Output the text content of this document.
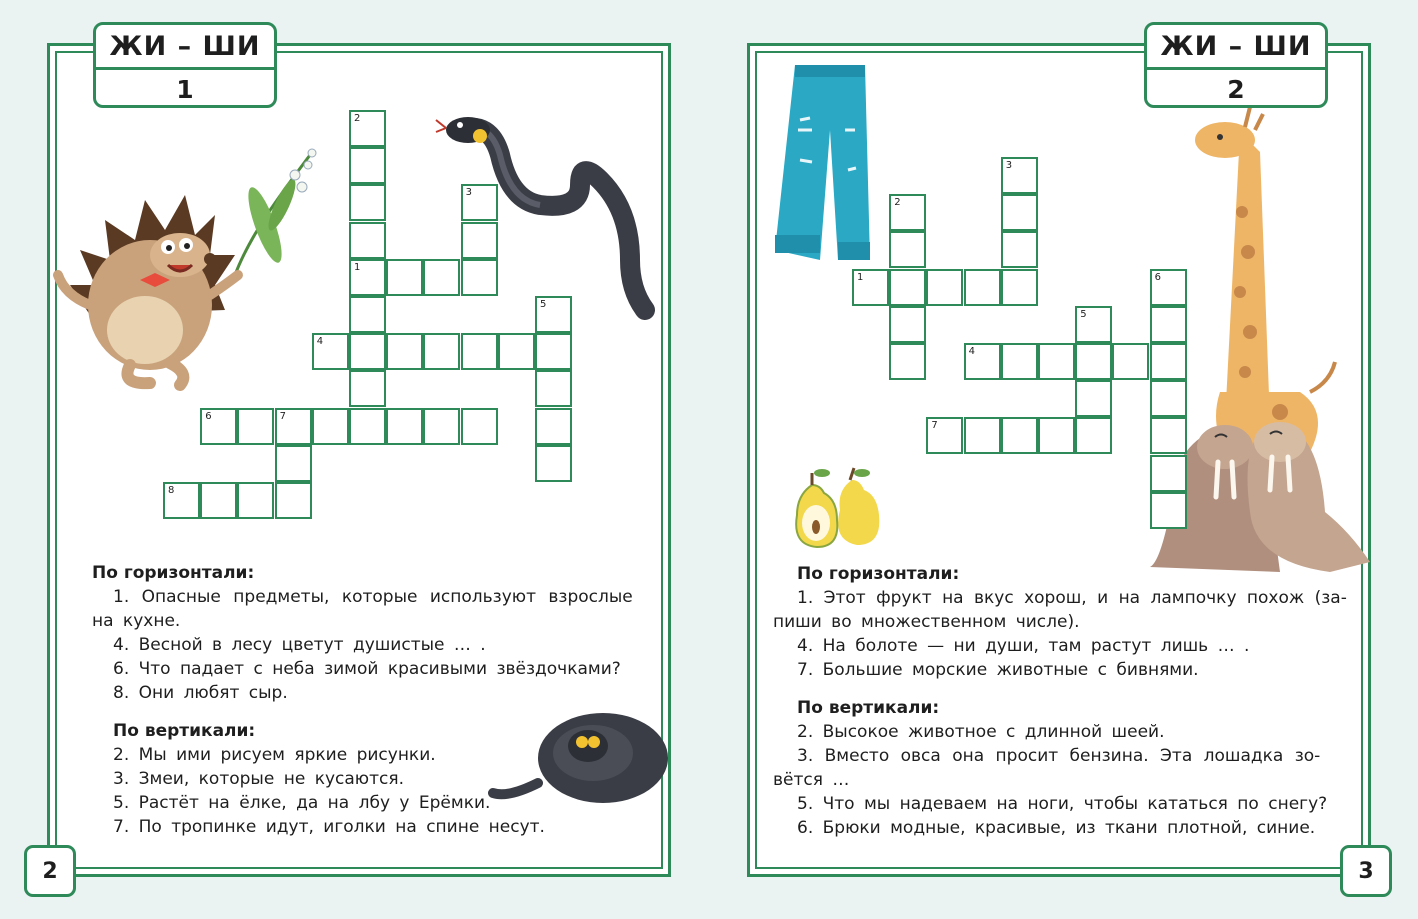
ЖИ – ШИ
1
ЖИ – ШИ
2
2	3
2
3
1
5
4
6	7
8
3
2
1	6
5
4
7
По горизонтали:
1. Опасные предметы, которые используют взрослые
на кухне.
4. Весной в лесу цветут душистые … .
6. Что падает с неба зимой красивыми звёздочками?
8. Они любят сыр.
По вертикали:
2. Мы ими рисуем яркие рисунки.
3. Змеи, которые не кусаются.
5. Растёт на ёлке, да на лбу у Ерёмки.
7. По тропинке идут, иголки на спине несут.
По горизонтали:
1. Этот фрукт на вкус хорош, и на лампочку похож (за-
пиши во множественном числе).
4. На болоте — ни души, там растут лишь … .
7. Большие морские животные с бивнями.
По вертикали:
2. Высокое животное с длинной шеей.
3. Вместо овса она просит бензина. Эта лошадка зо-
вётся …
5. Что мы надеваем на ноги, чтобы кататься по снегу?
6. Брюки модные, красивые, из ткани плотной, синие.
